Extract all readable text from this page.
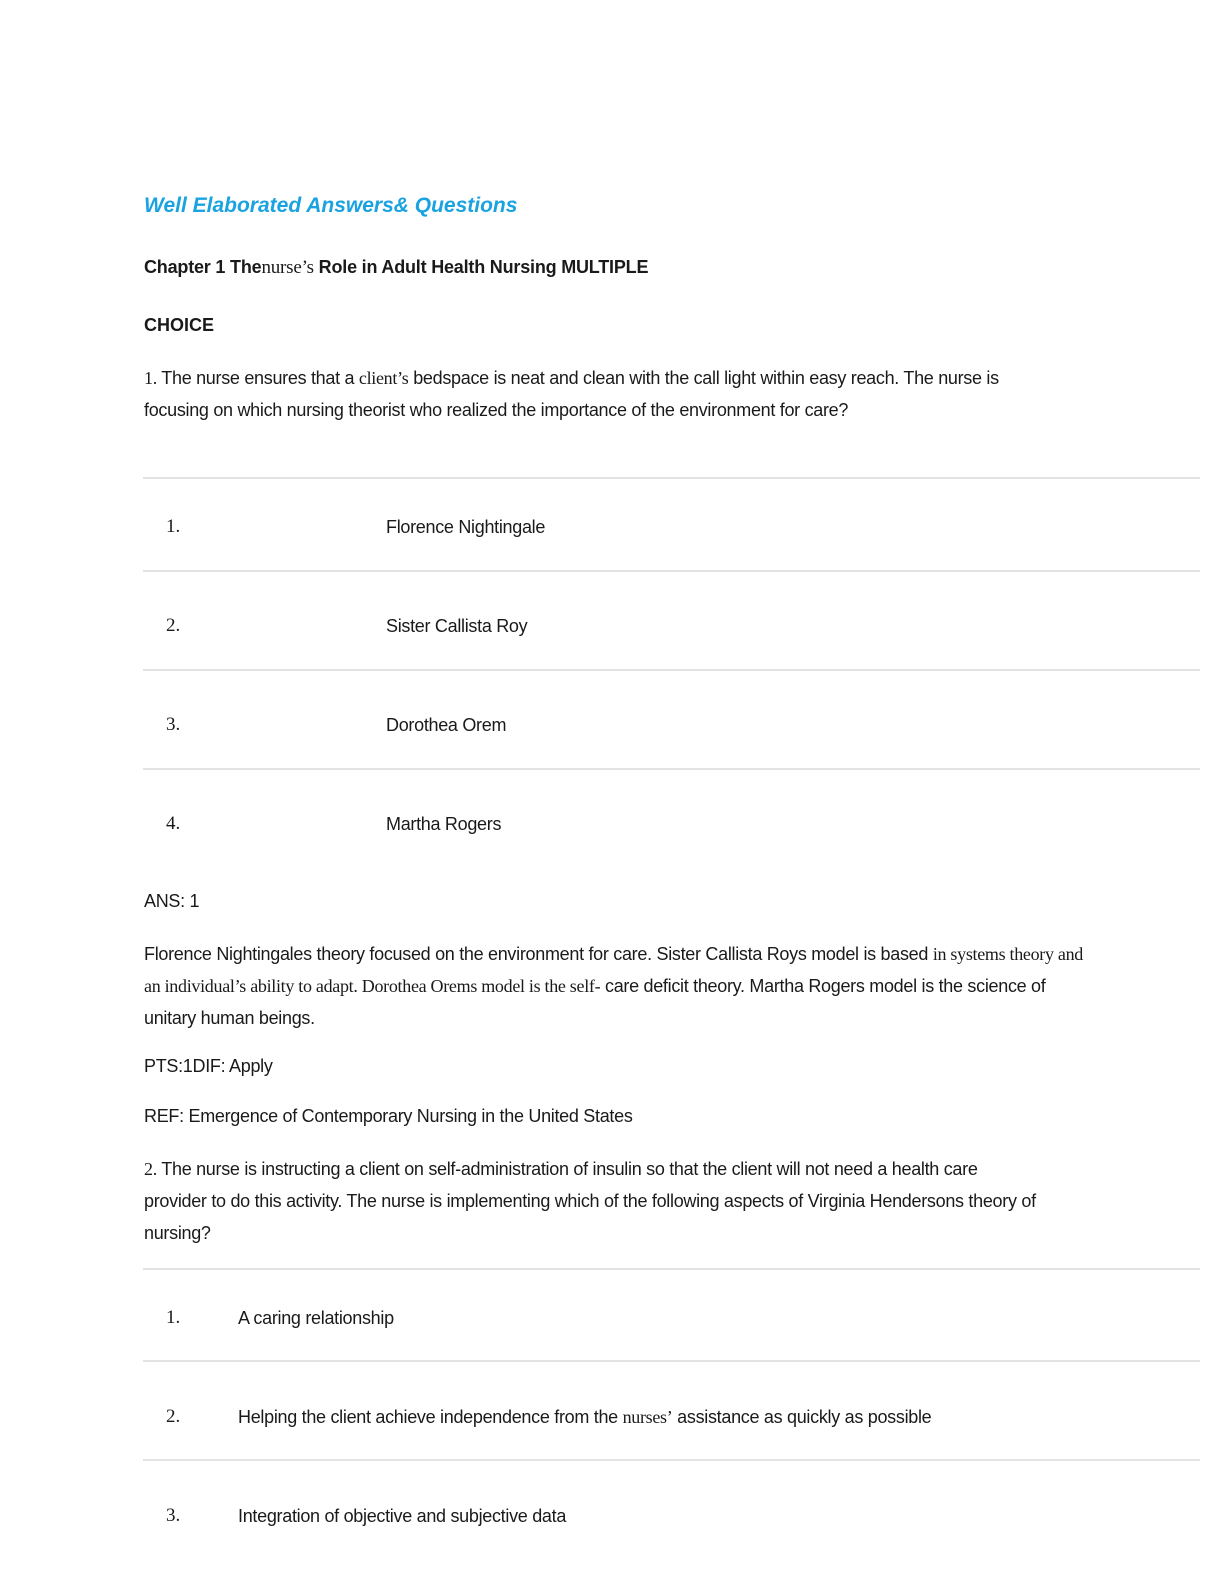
Well Elaborated Answers& Questions
Chapter 1 Thenurse’s Role in Adult Health Nursing MULTIPLE
CHOICE
1. The nurse ensures that a client’s bedspace is neat and clean with the call light within easy reach. The nurse is focusing on which nursing theorist who realized the importance of the environment for care?
1.	Florence Nightingale
2.	Sister Callista Roy
3.	Dorothea Orem
4.	Martha Rogers
ANS: 1
Florence Nightingales theory focused on the environment for care. Sister Callista Roys model is based in systems theory and an individual’s ability to adapt. Dorothea Orems model is the self- care deficit theory. Martha Rogers model is the science of unitary human beings.
PTS:1DIF: Apply
REF: Emergence of Contemporary Nursing in the United States
2. The nurse is instructing a client on self-administration of insulin so that the client will not need a health care provider to do this activity. The nurse is implementing which of the following aspects of Virginia Hendersons theory of nursing?
1.	A caring relationship
2.	Helping the client achieve independence from the nurses’ assistance as quickly as possible
3.	Integration of objective and subjective data
